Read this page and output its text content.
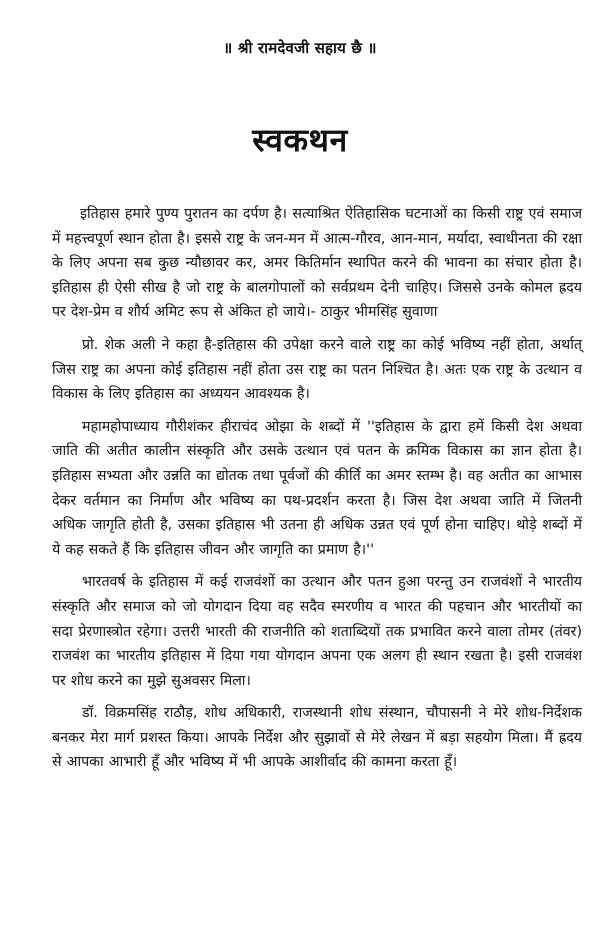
॥ श्री रामदेवजी सहाय छै ॥
स्वकथन

इतिहास हमारे पुण्य पुरातन का दर्पण है। सत्याश्रित ऐतिहासिक घटनाओं का किसी राष्ट्र एवं समाज में महत्त्वपूर्ण स्थान होता है। इससे राष्ट्र के जन-मन में आत्म-गौरव, आन-मान, मर्यादा, स्वाधीनता की रक्षा के लिए अपना सब कुछ न्यौछावर कर, अमर कितिर्मान स्थापित करने की भावना का संचार होता है। इतिहास ही ऐसी सीख है जो राष्ट्र के बालगोपालों को सर्वप्रथम देनी चाहिए। जिससे उनके कोमल ह्रदय पर देश-प्रेम व शौर्य अमिट रूप से अंकित हो जाये।- ठाकुर भीमसिंह सुवाणा

प्रो. शेक अली ने कहा है-इतिहास की उपेक्षा करने वाले राष्ट्र का कोई भविष्य नहीं होता, अर्थात् जिस राष्ट्र का अपना कोई इतिहास नहीं होता उस राष्ट्र का पतन निश्चित है। अतः एक राष्ट्र के उत्थान व विकास के लिए इतिहास का अध्ययन आवश्यक है।

महामहोपाध्याय गौरीशंकर हीराचंद ओझा के शब्दों में ''इतिहास के द्वारा हमें किसी देश अथवा जाति की अतीत कालीन संस्कृति और उसके उत्थान एवं पतन के क्रमिक विकास का ज्ञान होता है। इतिहास सभ्यता और उन्नति का द्योतक तथा पूर्वजों की कीर्ति का अमर स्तम्भ है। वह अतीत का आभास देकर वर्तमान का निर्माण और भविष्य का पथ-प्रदर्शन करता है। जिस देश अथवा जाति में जितनी अधिक जागृति होती है, उसका इतिहास भी उतना ही अधिक उन्नत एवं पूर्ण होना चाहिए। थोड़े शब्दों में ये कह सकते हैं कि इतिहास जीवन और जागृति का प्रमाण है।''

भारतवर्ष के इतिहास में कई राजवंशों का उत्थान और पतन हुआ परन्तु उन राजवंशों ने भारतीय संस्कृति और समाज को जो योगदान दिया वह सदैव स्मरणीय व भारत की पहचान और भारतीयों का सदा प्रेरणास्त्रोत रहेगा। उत्तरी भारती की राजनीति को शताब्दियों तक प्रभावित करने वाला तोमर (तंवर) राजवंश का भारतीय इतिहास में दिया गया योगदान अपना एक अलग ही स्थान रखता है। इसी राजवंश पर शोध करने का मुझे सुअवसर मिला।

डॉ. विक्रमसिंह राठौड़, शोध अधिकारी, राजस्थानी शोध संस्थान, चौपासनी ने मेरे शोध-निर्देशक बनकर मेरा मार्ग प्रशस्त किया। आपके निर्देश और सुझावों से मेरे लेखन में बड़ा सहयोग मिला। मैं ह्रदय से आपका आभारी हूँ और भविष्य में भी आपके आशीर्वाद की कामना करता हूँ।
